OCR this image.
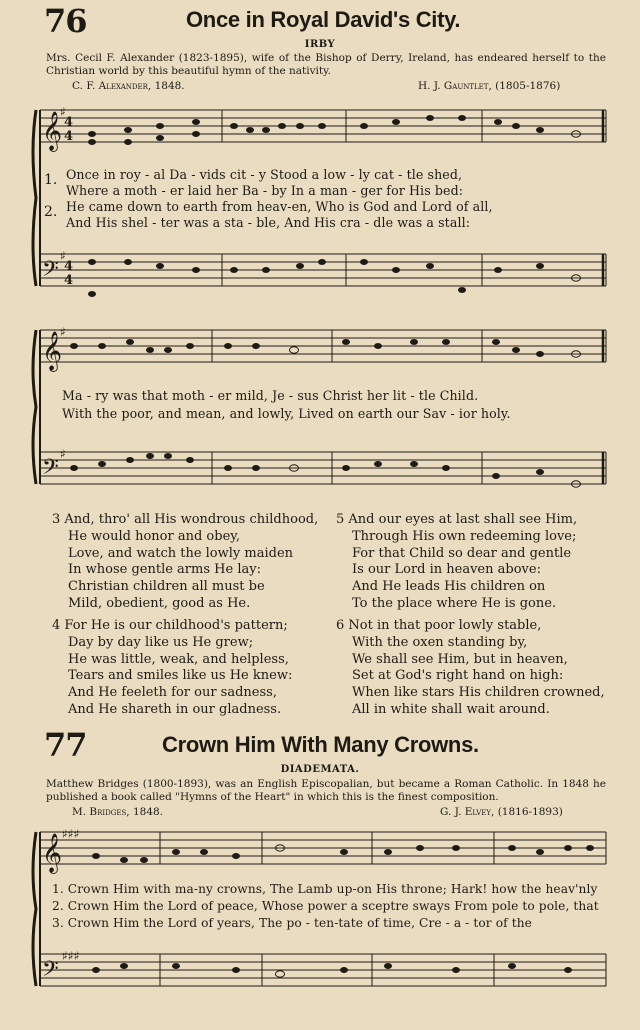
76	Once in Royal David's City.
IRBY
Mrs. Cecil F. Alexander (1823-1895), wife of the Bishop of Derry, Ireland, has endeared herself to the Christian world by this beautiful hymn of the nativity.
C. F. Alexander, 1848.	H. J. Gauntlet, (1805-1876)
𝄞
𝄞
𝄞
𝄢
𝄢
𝄢
♯
♯
♯
♯
♯♯♯
♯♯♯
4
4
4
4
1.
2.
Once in roy - al Da - vids cit - y Stood a low - ly cat - tle shed,
Where a moth - er laid her Ba - by In a man - ger for His bed:
He came down to earth from heav-en, Who is God and Lord of all,
And His shel - ter was a sta - ble, And His cra - dle was a stall:
Ma - ry was that moth - er mild, Je - sus Christ her lit - tle Child.
With the poor, and mean, and lowly, Lived on earth our Sav - ior holy.
3 And, thro' all His wondrous childhood,
He would honor and obey,
Love, and watch the lowly maiden
In whose gentle arms He lay:
Christian children all must be
Mild, obedient, good as He.
5 And our eyes at last shall see Him,
Through His own redeeming love;
For that Child so dear and gentle
Is our Lord in heaven above:
And He leads His children on
To the place where He is gone.
4 For He is our childhood's pattern;
Day by day like us He grew;
He was little, weak, and helpless,
Tears and smiles like us He knew:
And He feeleth for our sadness,
And He shareth in our gladness.
6 Not in that poor lowly stable,
With the oxen standing by,
We shall see Him, but in heaven,
Set at God's right hand on high:
When like stars His children crowned,
All in white shall wait around.
77	Crown Him With Many Crowns.
DIADEMATA.
Matthew Bridges (1800-1893), was an English Episcopalian, but became a Roman Catholic. In 1848 he published a book called "Hymns of the Heart" in which this is the finest composition.
M. Bridges, 1848.	G. J. Elvey, (1816-1893)
1. Crown Him with ma-ny crowns, The Lamb up-on His throne; Hark! how the heav'nly
2. Crown Him the Lord of peace, Whose power a sceptre sways From pole to pole, that
3. Crown Him the Lord of years, The po - ten-tate of time, Cre - a - tor of the
